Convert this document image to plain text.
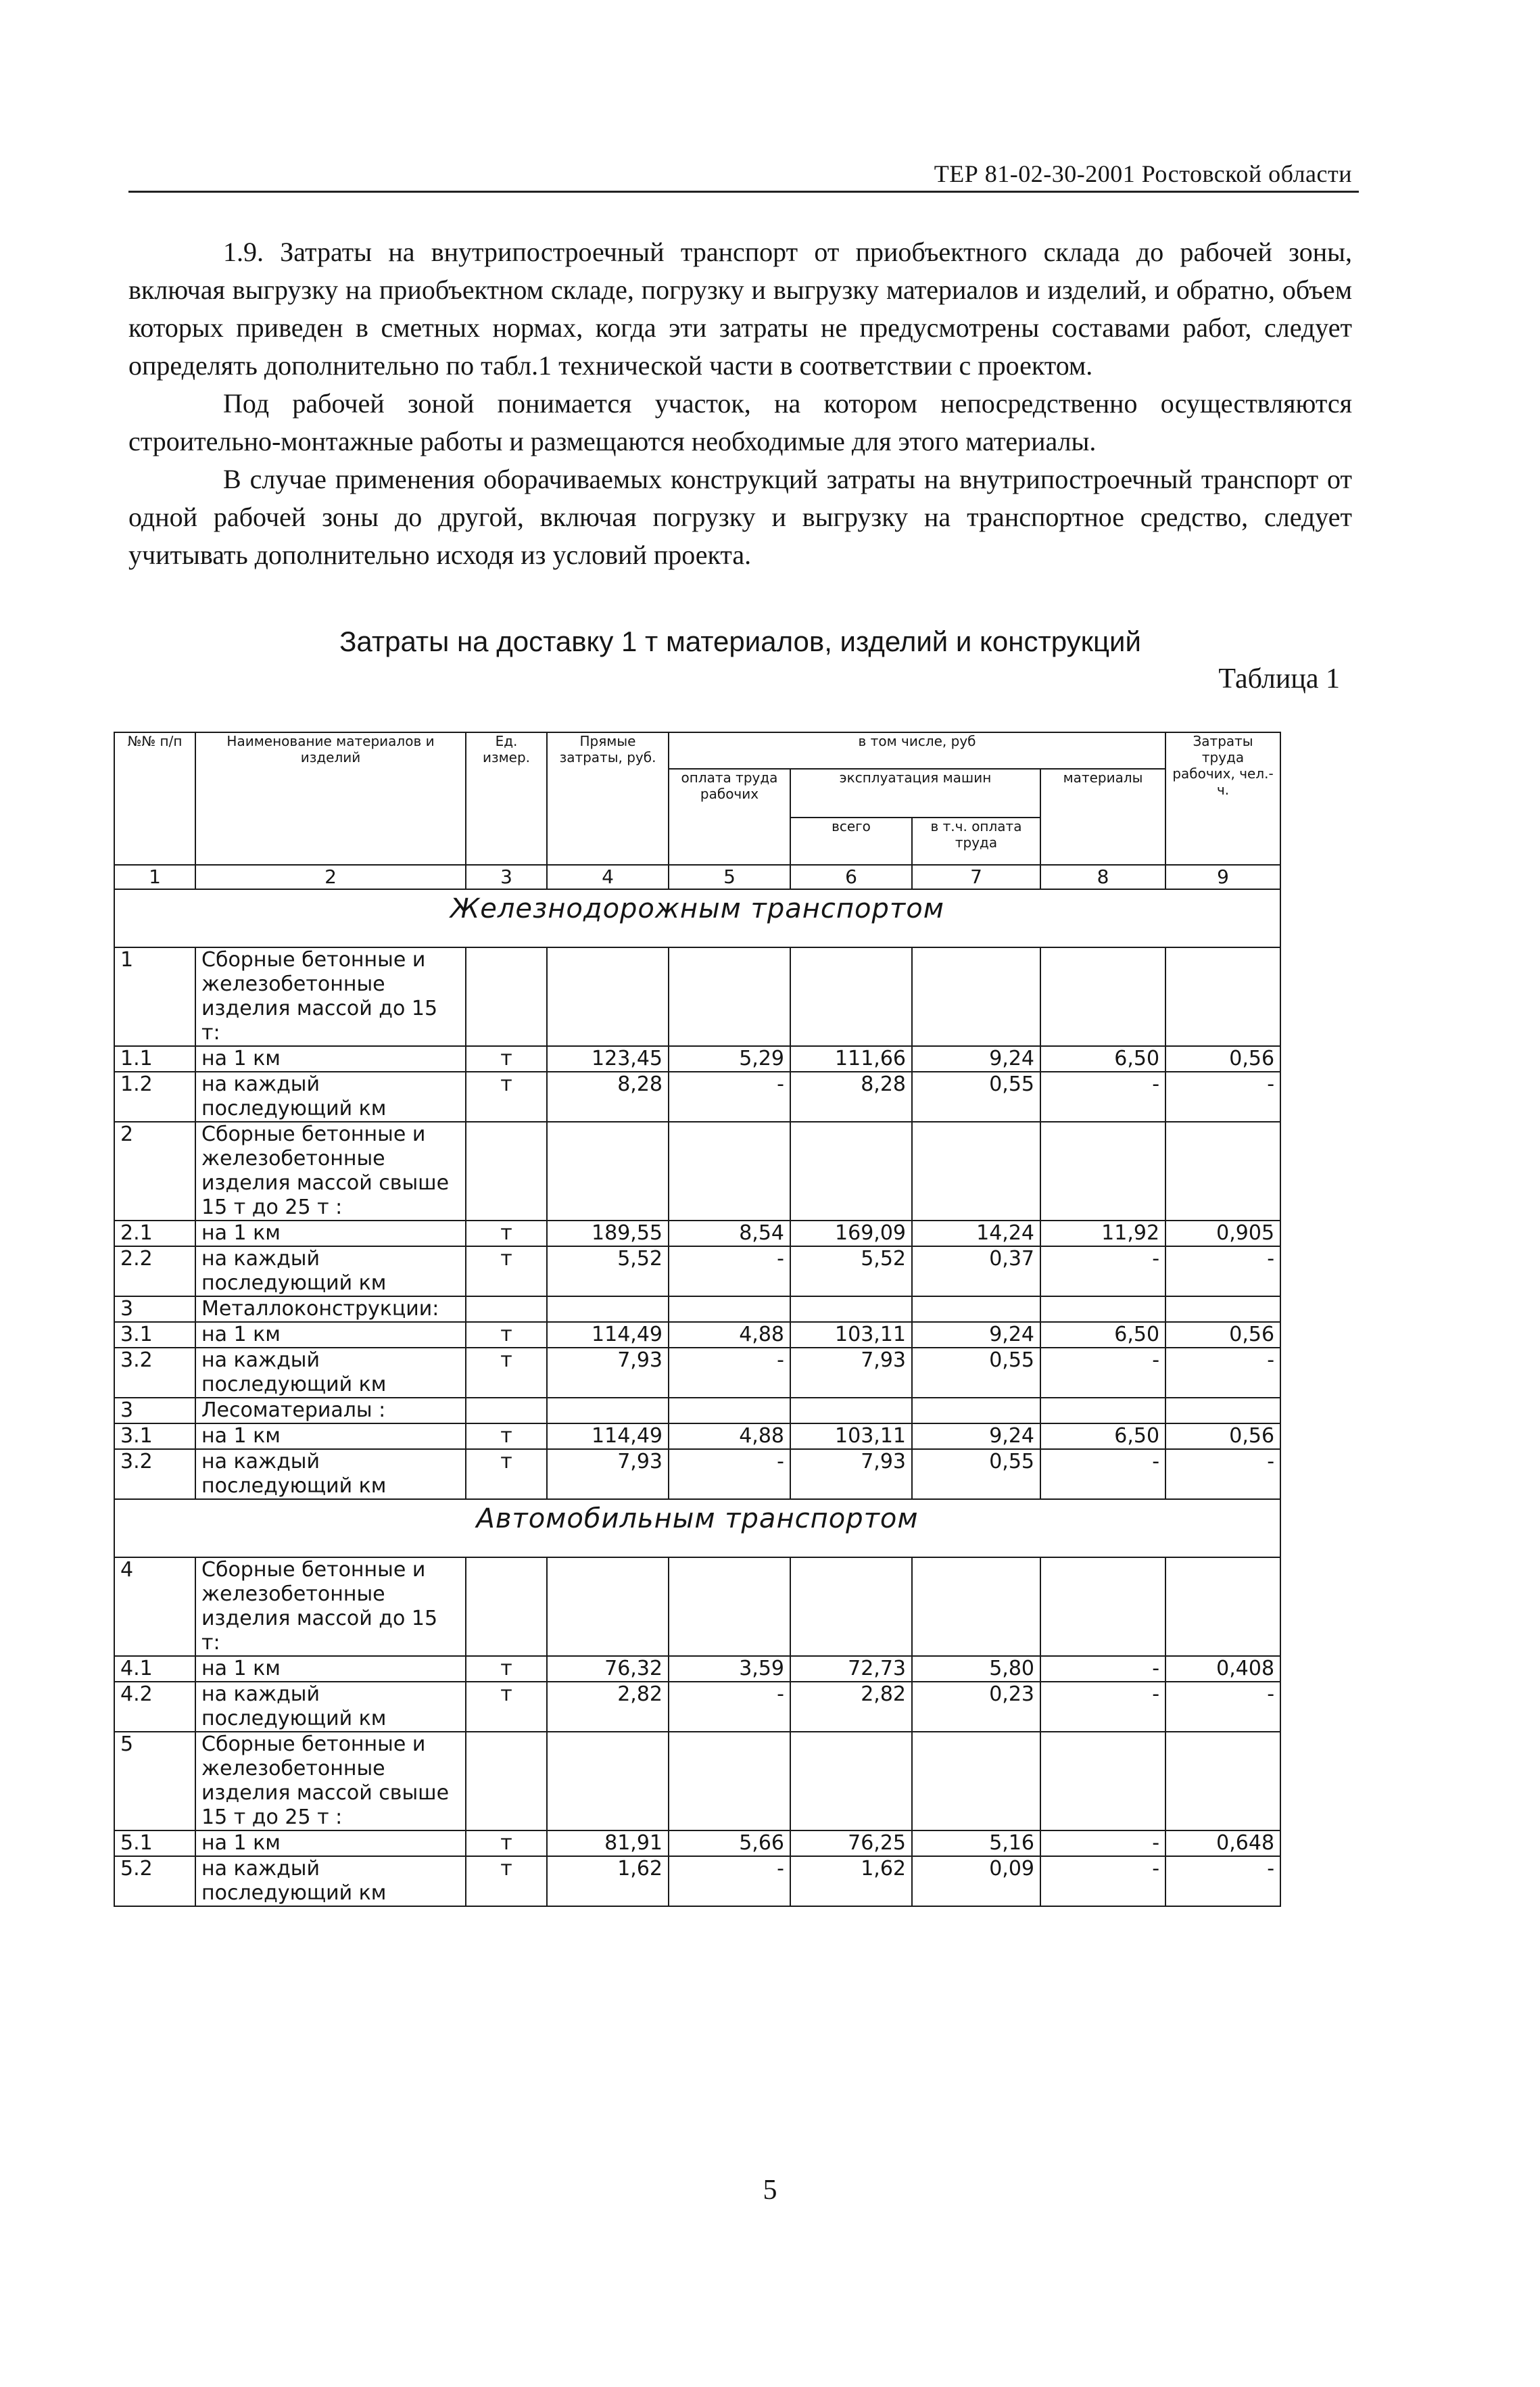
ТЕР 81-02-30-2001 Ростовской области

1.9. Затраты на внутрипостроечный транспорт от приобъектного склада до рабочей зоны, включая выгрузку на приобъектном складе, погрузку и выгрузку материалов и изделий, и обратно, объем которых приведен в сметных нормах, когда эти затраты не предусмотрены составами работ, следует определять дополнительно по табл.1 технической части в соответствии с проектом.

Под рабочей зоной понимается участок, на котором непосредственно осуществляются строительно-монтажные работы и размещаются необходимые для этого материалы.

В случае применения оборачиваемых конструкций затраты на внутрипостроечный транспорт от одной рабочей зоны до другой, включая погрузку и выгрузку на транспортное средство, следует учитывать дополнительно исходя из условий проекта.

Затраты на доставку 1 т материалов, изделий и конструкций
Таблица 1
№№ п/п	Наименование материалов и изделий	Ед. измер.	Прямые затраты, руб.	в том числе, руб				Затраты труда рабочих, чел.-ч.
				оплата труда рабочих	эксплуатация машин		материалы	
					всего	в т.ч. оплата труда		
1	2	3	4	5	6	7	8	9
Железнодорожным транспортом								
1	Сборные бетонные и железобетонные изделия массой до 15 т:							
1.1	на 1 км	т	123,45	5,29	111,66	9,24	6,50	0,56
1.2	на каждый последующий км	т	8,28	-	8,28	0,55	-	-
2	Сборные бетонные и железобетонные изделия массой свыше 15 т до 25 т :							
2.1	на 1 км	т	189,55	8,54	169,09	14,24	11,92	0,905
2.2	на каждый последующий км	т	5,52	-	5,52	0,37	-	-
3	Металлоконструкции:							
3.1	на 1 км	т	114,49	4,88	103,11	9,24	6,50	0,56
3.2	на каждый последующий км	т	7,93	-	7,93	0,55	-	-
3	Лесоматериалы :							
3.1	на 1 км	т	114,49	4,88	103,11	9,24	6,50	0,56
3.2	на каждый последующий км	т	7,93	-	7,93	0,55	-	-
Автомобильным транспортом								
4	Сборные бетонные и железобетонные изделия массой до 15 т:							
4.1	на 1 км	т	76,32	3,59	72,73	5,80	-	0,408
4.2	на каждый последующий км	т	2,82	-	2,82	0,23	-	-
5	Сборные бетонные и железобетонные изделия массой свыше 15 т до 25 т :							
5.1	на 1 км	т	81,91	5,66	76,25	5,16	-	0,648
5.2	на каждый последующий км	т	1,62	-	1,62	0,09	-	-
5
